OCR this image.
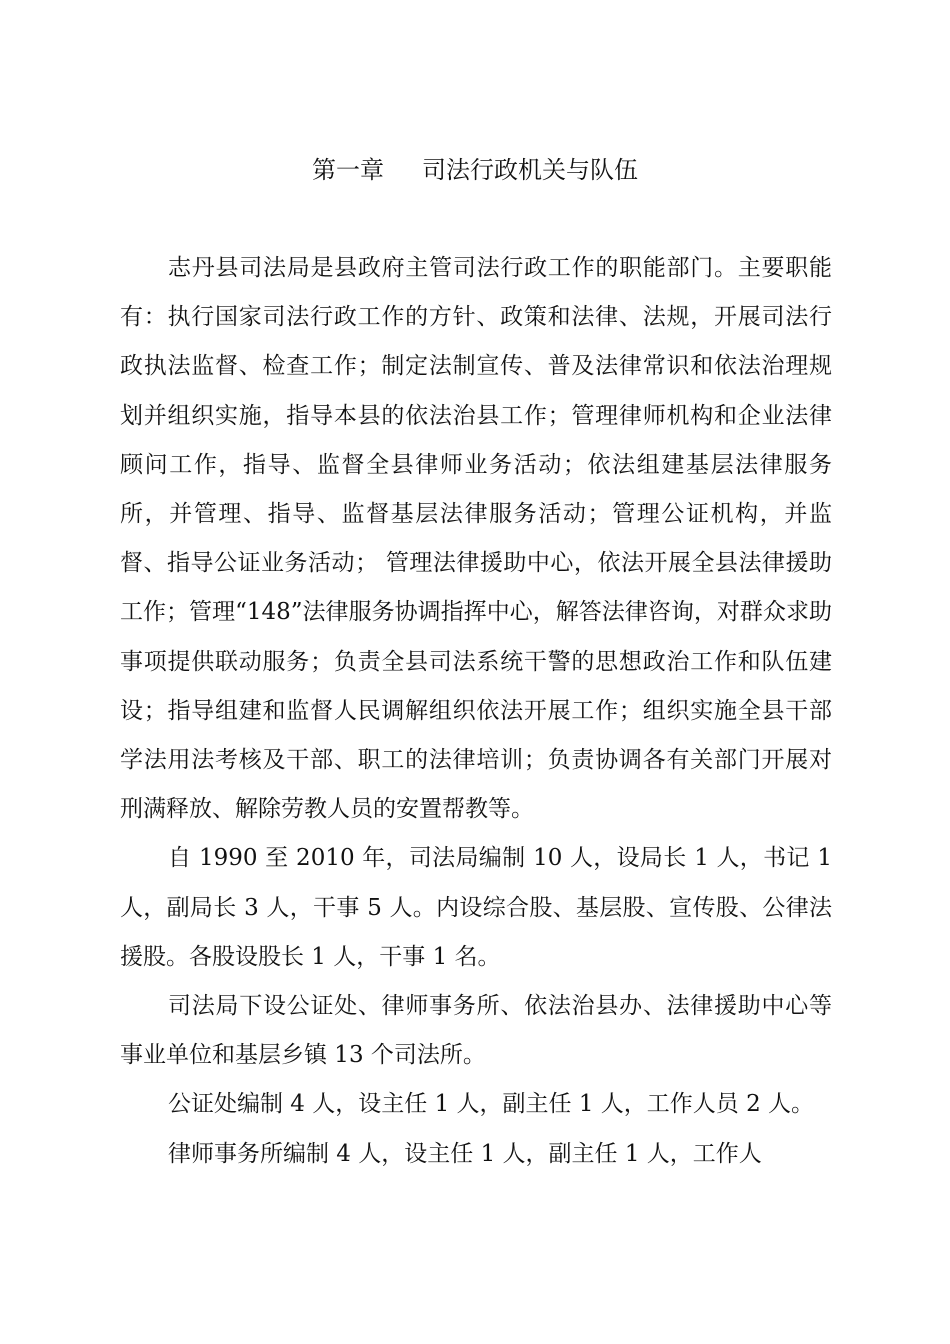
第一章 司法行政机关与队伍

志丹县司法局是县政府主管司法行政工作的职能部门。主要职能有：执行国家司法行政工作的方针、政策和法律、法规，开展司法行政执法监督、检查工作；制定法制宣传、普及法律常识和依法治理规划并组织实施，指导本县的依法治县工作；管理律师机构和企业法律顾问工作，指导、监督全县律师业务活动；依法组建基层法律服务所，并管理、指导、监督基层法律服务活动；管理公证机构，并监督、指导公证业务活动； 管理法律援助中心，依法开展全县法律援助工作；管理“148”法律服务协调指挥中心，解答法律咨询，对群众求助事项提供联动服务；负责全县司法系统干警的思想政治工作和队伍建设；指导组建和监督人民调解组织依法开展工作；组织实施全县干部学法用法考核及干部、职工的法律培训；负责协调各有关部门开展对刑满释放、解除劳教人员的安置帮教等。

自 1990 至 2010 年，司法局编制 10 人，设局长 1 人，书记 1 人，副局长 3 人，干事 5 人。内设综合股、基层股、宣传股、公律法援股。各股设股长 1 人，干事 1 名。

司法局下设公证处、律师事务所、依法治县办、法律援助中心等事业单位和基层乡镇 13 个司法所。

公证处编制 4 人，设主任 1 人，副主任 1 人，工作人员 2 人。

律师事务所编制 4 人，设主任 1 人，副主任 1 人，工作人
